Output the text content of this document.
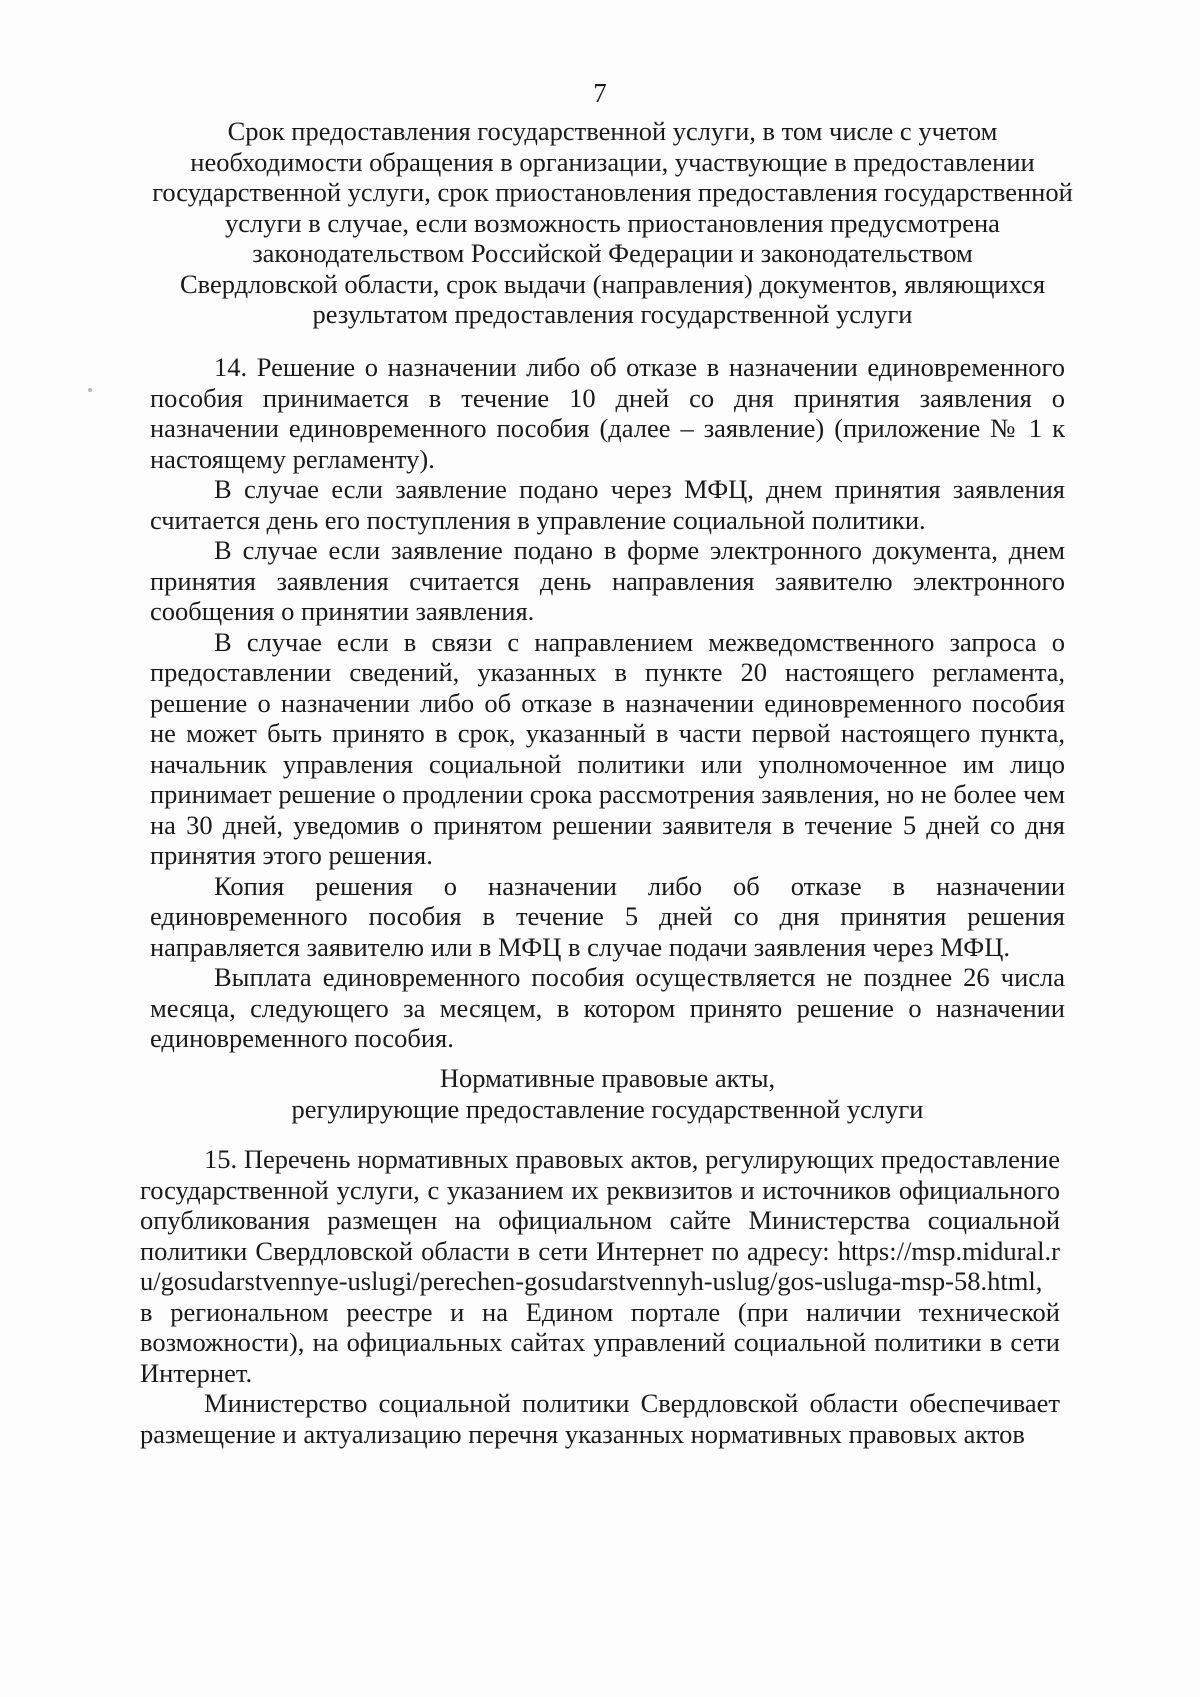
7
Срок предоставления государственной услуги, в том числе с учетом
необходимости обращения в организации, участвующие в предоставлении
государственной услуги, срок приостановления предоставления государственной
услуги в случае, если возможность приостановления предусмотрена
законодательством Российской Федерации и законодательством
Свердловской области, срок выдачи (направления) документов, являющихся
результатом предоставления государственной услуги

14. Решение о назначении либо об отказе в назначении единовременного пособия принимается в течение 10 дней со дня принятия заявления о назначении единовременного пособия (далее – заявление) (приложение № 1 к настоящему регламенту).

В случае если заявление подано через МФЦ, днем принятия заявления считается день его поступления в управление социальной политики.

В случае если заявление подано в форме электронного документа, днем принятия заявления считается день направления заявителю электронного сообщения о принятии заявления.

В случае если в связи с направлением межведомственного запроса о предоставлении сведений, указанных в пункте 20 настоящего регламента, решение о назначении либо об отказе в назначении единовременного пособия не может быть принято в срок, указанный в части первой настоящего пункта, начальник управления социальной политики или уполномоченное им лицо принимает решение о продлении срока рассмотрения заявления, но не более чем на 30 дней, уведомив о принятом решении заявителя в течение 5 дней со дня принятия этого решения.

Копия решения о назначении либо об отказе в назначении единовременного пособия в течение 5 дней со дня принятия решения направляется заявителю или в МФЦ в случае подачи заявления через МФЦ.

Выплата единовременного пособия осуществляется не позднее 26 числа месяца, следующего за месяцем, в котором принято решение о назначении единовременного пособия.

Нормативные правовые акты,
регулирующие предоставление государственной услуги

15. Перечень нормативных правовых актов, регулирующих предоставление государственной услуги, с указанием их реквизитов и источников официального опубликования размещен на официальном сайте Министерства социальной политики Свердловской области в сети Интернет по адресу: https://msp.midural.ru/gosudarstvennye-uslugi/perechen-gosudarstvennyh-uslug/gos-usluga-msp-58.html, в региональном реестре и на Едином портале (при наличии технической возможности), на официальных сайтах управлений социальной политики в сети Интернет.

Министерство социальной политики Свердловской области обеспечивает размещение и актуализацию перечня указанных нормативных правовых актов
